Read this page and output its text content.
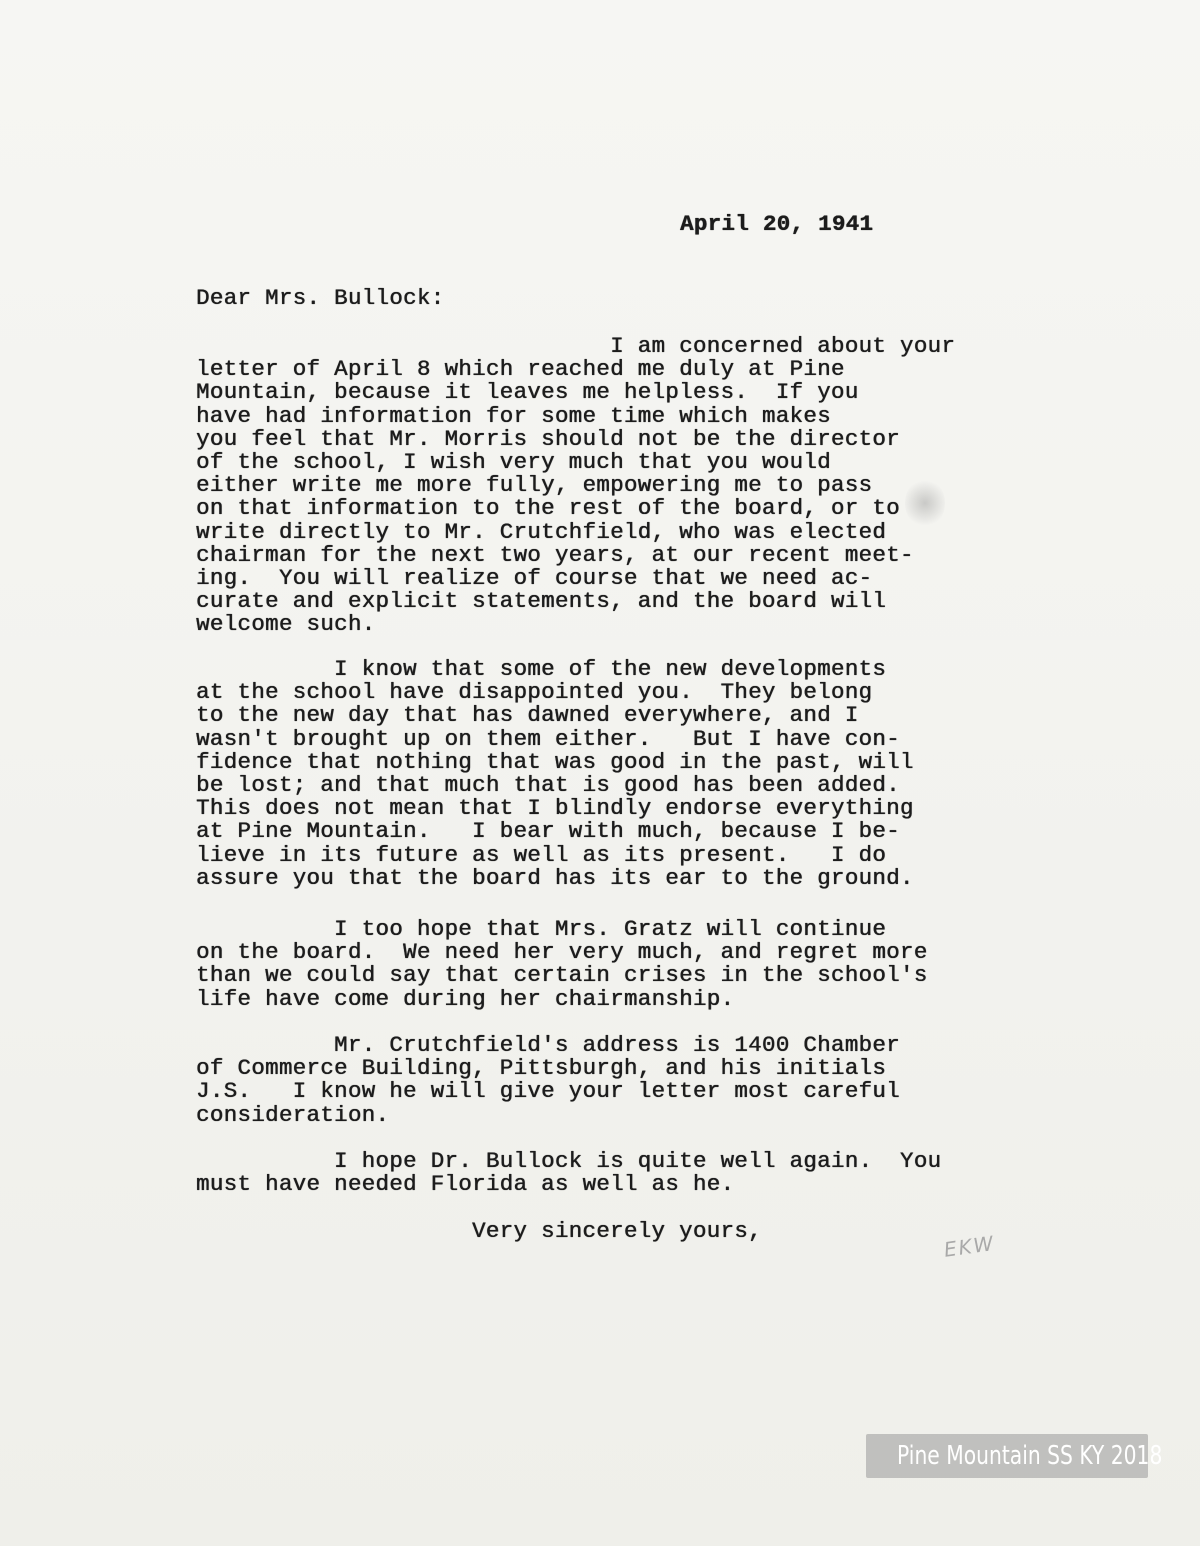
April 20, 1941
Dear Mrs. Bullock:
I am concerned about your
letter of April 8 which reached me duly at Pine
Mountain, because it leaves me helpless.  If you
have had information for some time which makes
you feel that Mr. Morris should not be the director
of the school, I wish very much that you would
either write me more fully, empowering me to pass
on that information to the rest of the board, or to
write directly to Mr. Crutchfield, who was elected
chairman for the next two years, at our recent meet-
ing.  You will realize of course that we need ac-
curate and explicit statements, and the board will
welcome such.
I know that some of the new developments
at the school have disappointed you.  They belong
to the new day that has dawned everywhere, and I
wasn't brought up on them either.   But I have con-
fidence that nothing that was good in the past, will
be lost; and that much that is good has been added.
This does not mean that I blindly endorse everything
at Pine Mountain.   I bear with much, because I be-
lieve in its future as well as its present.   I do
assure you that the board has its ear to the ground.
I too hope that Mrs. Gratz will continue
on the board.  We need her very much, and regret more
than we could say that certain crises in the school's
life have come during her chairmanship.
Mr. Crutchfield's address is 1400 Chamber
of Commerce Building, Pittsburgh, and his initials
J.S.   I know he will give your letter most careful
consideration.
I hope Dr. Bullock is quite well again.  You
must have needed Florida as well as he.
Very sincerely yours,	EKW
Pine Mountain SS KY 2018
